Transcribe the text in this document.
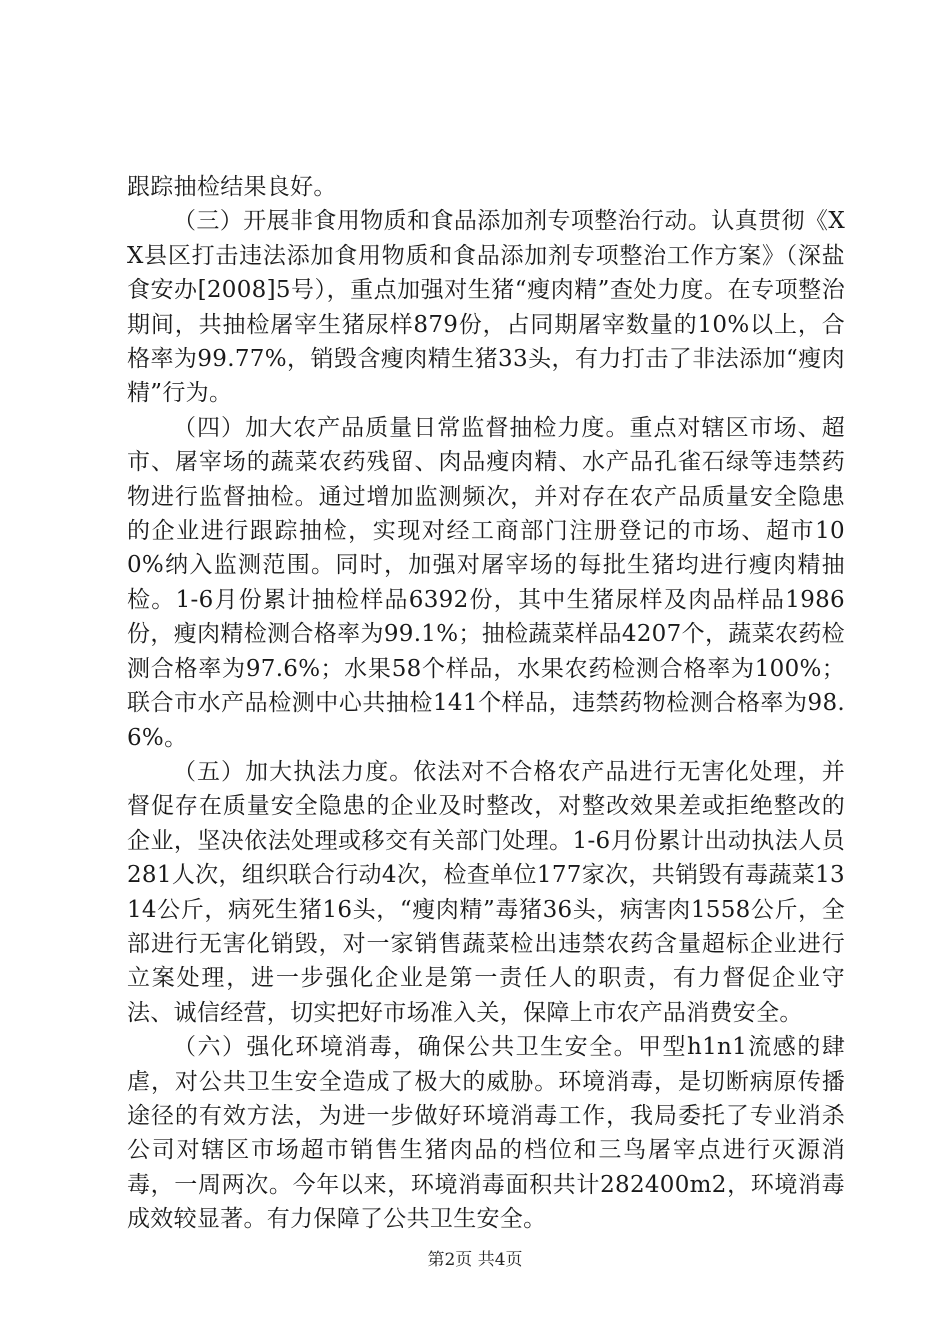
跟踪抽检结果良好。

（三）开展非食用物质和食品添加剂专项整治行动。认真贯彻《XX县区打击违法添加食用物质和食品添加剂专项整治工作方案》（深盐食安办[2008]5号），重点加强对生猪“瘦肉精”查处力度。在专项整治期间，共抽检屠宰生猪尿样879份，占同期屠宰数量的10%以上，合格率为99.77%，销毁含瘦肉精生猪33头，有力打击了非法添加“瘦肉精”行为。

（四）加大农产品质量日常监督抽检力度。重点对辖区市场、超市、屠宰场的蔬菜农药残留、肉品瘦肉精、水产品孔雀石绿等违禁药物进行监督抽检。通过增加监测频次，并对存在农产品质量安全隐患的企业进行跟踪抽检，实现对经工商部门注册登记的市场、超市100%纳入监测范围。同时，加强对屠宰场的每批生猪均进行瘦肉精抽检。1-6月份累计抽检样品6392份，其中生猪尿样及肉品样品1986份，瘦肉精检测合格率为99.1%；抽检蔬菜样品4207个，蔬菜农药检测合格率为97.6%；水果58个样品，水果农药检测合格率为100%；联合市水产品检测中心共抽检141个样品，违禁药物检测合格率为98.6%。

（五）加大执法力度。依法对不合格农产品进行无害化处理，并督促存在质量安全隐患的企业及时整改，对整改效果差或拒绝整改的企业，坚决依法处理或移交有关部门处理。1-6月份累计出动执法人员281人次，组织联合行动4次，检查单位177家次，共销毁有毒蔬菜1314公斤，病死生猪16头，“瘦肉精”毒猪36头，病害肉1558公斤，全部进行无害化销毁，对一家销售蔬菜检出违禁农药含量超标企业进行立案处理，进一步强化企业是第一责任人的职责，有力督促企业守法、诚信经营，切实把好市场准入关，保障上市农产品消费安全。

（六）强化环境消毒，确保公共卫生安全。甲型h1n1流感的肆虐，对公共卫生安全造成了极大的威胁。环境消毒，是切断病原传播途径的有效方法，为进一步做好环境消毒工作，我局委托了专业消杀公司对辖区市场超市销售生猪肉品的档位和三鸟屠宰点进行灭源消毒，一周两次。今年以来，环境消毒面积共计282400m2，环境消毒成效较显著。有力保障了公共卫生安全。

第2页 共4页
